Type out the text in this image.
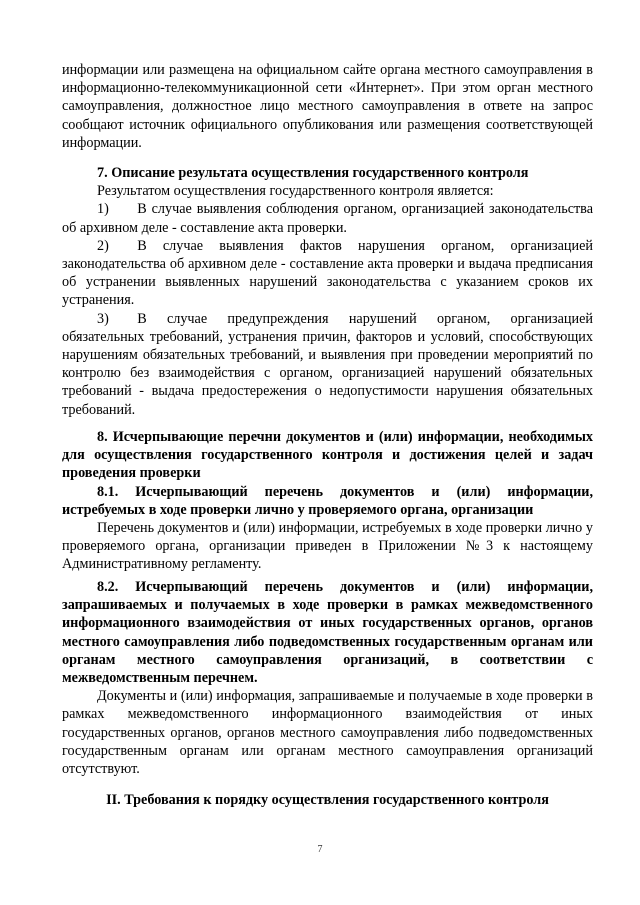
информации или размещена на официальном сайте органа местного самоуправления в информационно-телекоммуникационной сети «Интернет». При этом орган местного самоуправления, должностное лицо местного самоуправления в ответе на запрос сообщают источник официального опубликования или размещения соответствующей информации.

7. Описание результата осуществления государственного контроля

Результатом осуществления государственного контроля является:

1)  В случае выявления соблюдения органом, организацией законодательства об архивном деле - составление акта проверки.

2)  В случае выявления фактов нарушения органом, организацией законодательства об архивном деле - составление акта проверки и выдача предписания об устранении выявленных нарушений законодательства с указанием сроков их устранения.

3)  В случае предупреждения нарушений органом, организацией обязательных требований, устранения причин, факторов и условий, способствующих нарушениям обязательных требований, и выявления при проведении мероприятий по контролю без взаимодействия с органом, организацией нарушений обязательных требований - выдача предостережения о недопустимости нарушения обязательных требований.

8. Исчерпывающие перечни документов и (или) информации, необходимых для осуществления государственного контроля и достижения целей и задач проведения проверки

8.1. Исчерпывающий перечень документов и (или) информации, истребуемых в ходе проверки лично у проверяемого органа, организации

Перечень документов и (или) информации, истребуемых в ходе проверки лично у проверяемого органа, организации приведен в Приложении №3 к настоящему Административному регламенту.

8.2. Исчерпывающий перечень документов и (или) информации, запрашиваемых и получаемых в ходе проверки в рамках межведомственного информационного взаимодействия от иных государственных органов, органов местного самоуправления либо подведомственных государственным органам или органам местного самоуправления организаций, в соответствии с межведомственным перечнем.

Документы и (или) информация, запрашиваемые и получаемые в ходе проверки в рамках межведомственного информационного взаимодействия от иных государственных органов, органов местного самоуправления либо подведомственных государственным органам или органам местного самоуправления организаций отсутствуют.

II. Требования к порядку осуществления государственного контроля

7
